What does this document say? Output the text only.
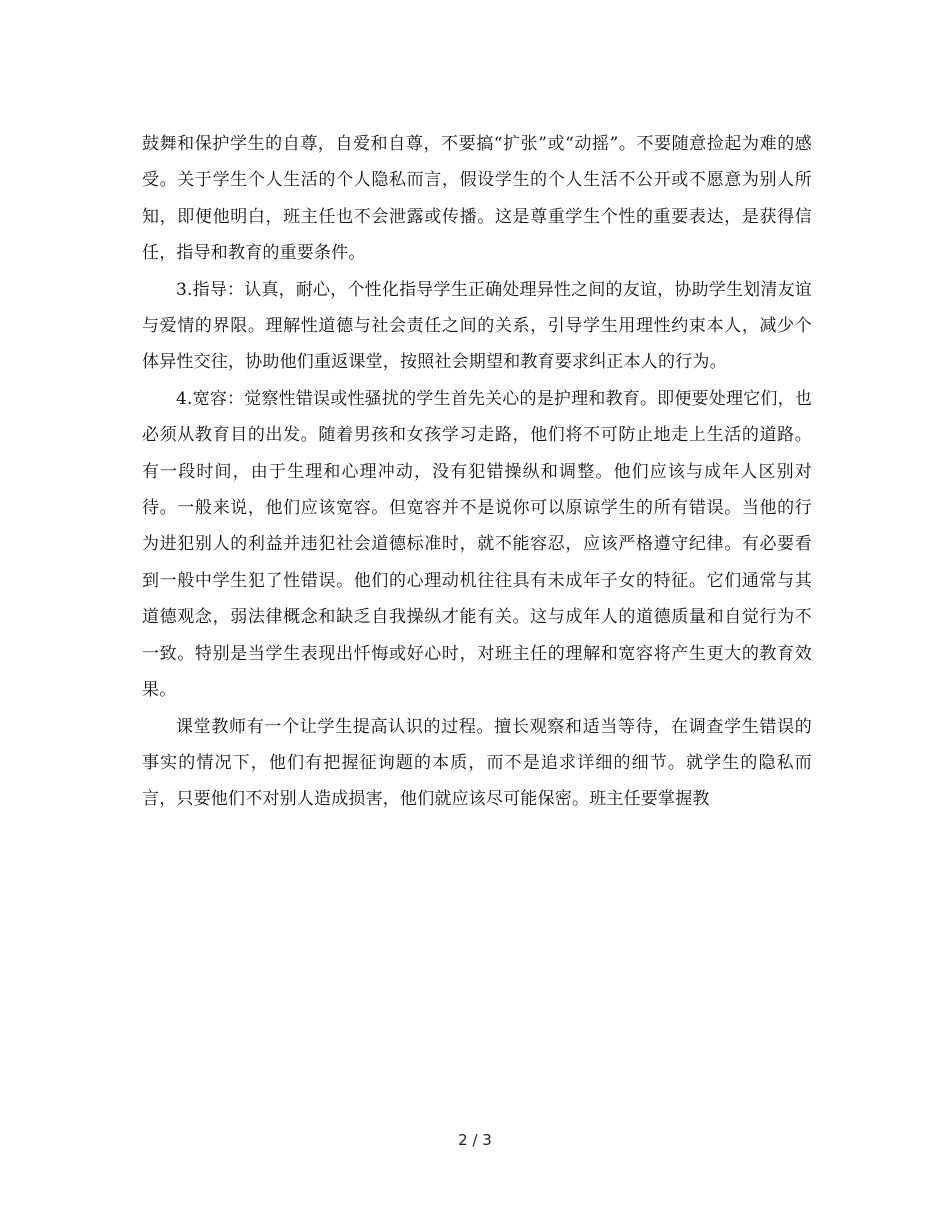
鼓舞和保护学生的自尊，自爱和自尊，不要搞“扩张”或“动摇”。不要随意捡起为难的感受。关于学生个人生活的个人隐私而言，假设学生的个人生活不公开或不愿意为别人所知，即便他明白，班主任也不会泄露或传播。这是尊重学生个性的重要表达，是获得信任，指导和教育的重要条件。

3.指导：认真，耐心，个性化指导学生正确处理异性之间的友谊，协助学生划清友谊与爱情的界限。理解性道德与社会责任之间的关系，引导学生用理性约束本人，减少个体异性交往，协助他们重返课堂，按照社会期望和教育要求纠正本人的行为。

4.宽容：觉察性错误或性骚扰的学生首先关心的是护理和教育。即便要处理它们，也必须从教育目的出发。随着男孩和女孩学习走路，他们将不可防止地走上生活的道路。有一段时间，由于生理和心理冲动，没有犯错操纵和调整。他们应该与成年人区别对待。一般来说，他们应该宽容。但宽容并不是说你可以原谅学生的所有错误。当他的行为进犯别人的利益并违犯社会道德标准时，就不能容忍，应该严格遵守纪律。有必要看到一般中学生犯了性错误。他们的心理动机往往具有未成年子女的特征。它们通常与其道德观念，弱法律概念和缺乏自我操纵才能有关。这与成年人的道德质量和自觉行为不一致。特别是当学生表现出忏悔或好心时，对班主任的理解和宽容将产生更大的教育效果。

课堂教师有一个让学生提高认识的过程。擅长观察和适当等待，在调查学生错误的事实的情况下，他们有把握征询题的本质，而不是追求详细的细节。就学生的隐私而言，只要他们不对别人造成损害，他们就应该尽可能保密。班主任要掌握教

2 / 3
